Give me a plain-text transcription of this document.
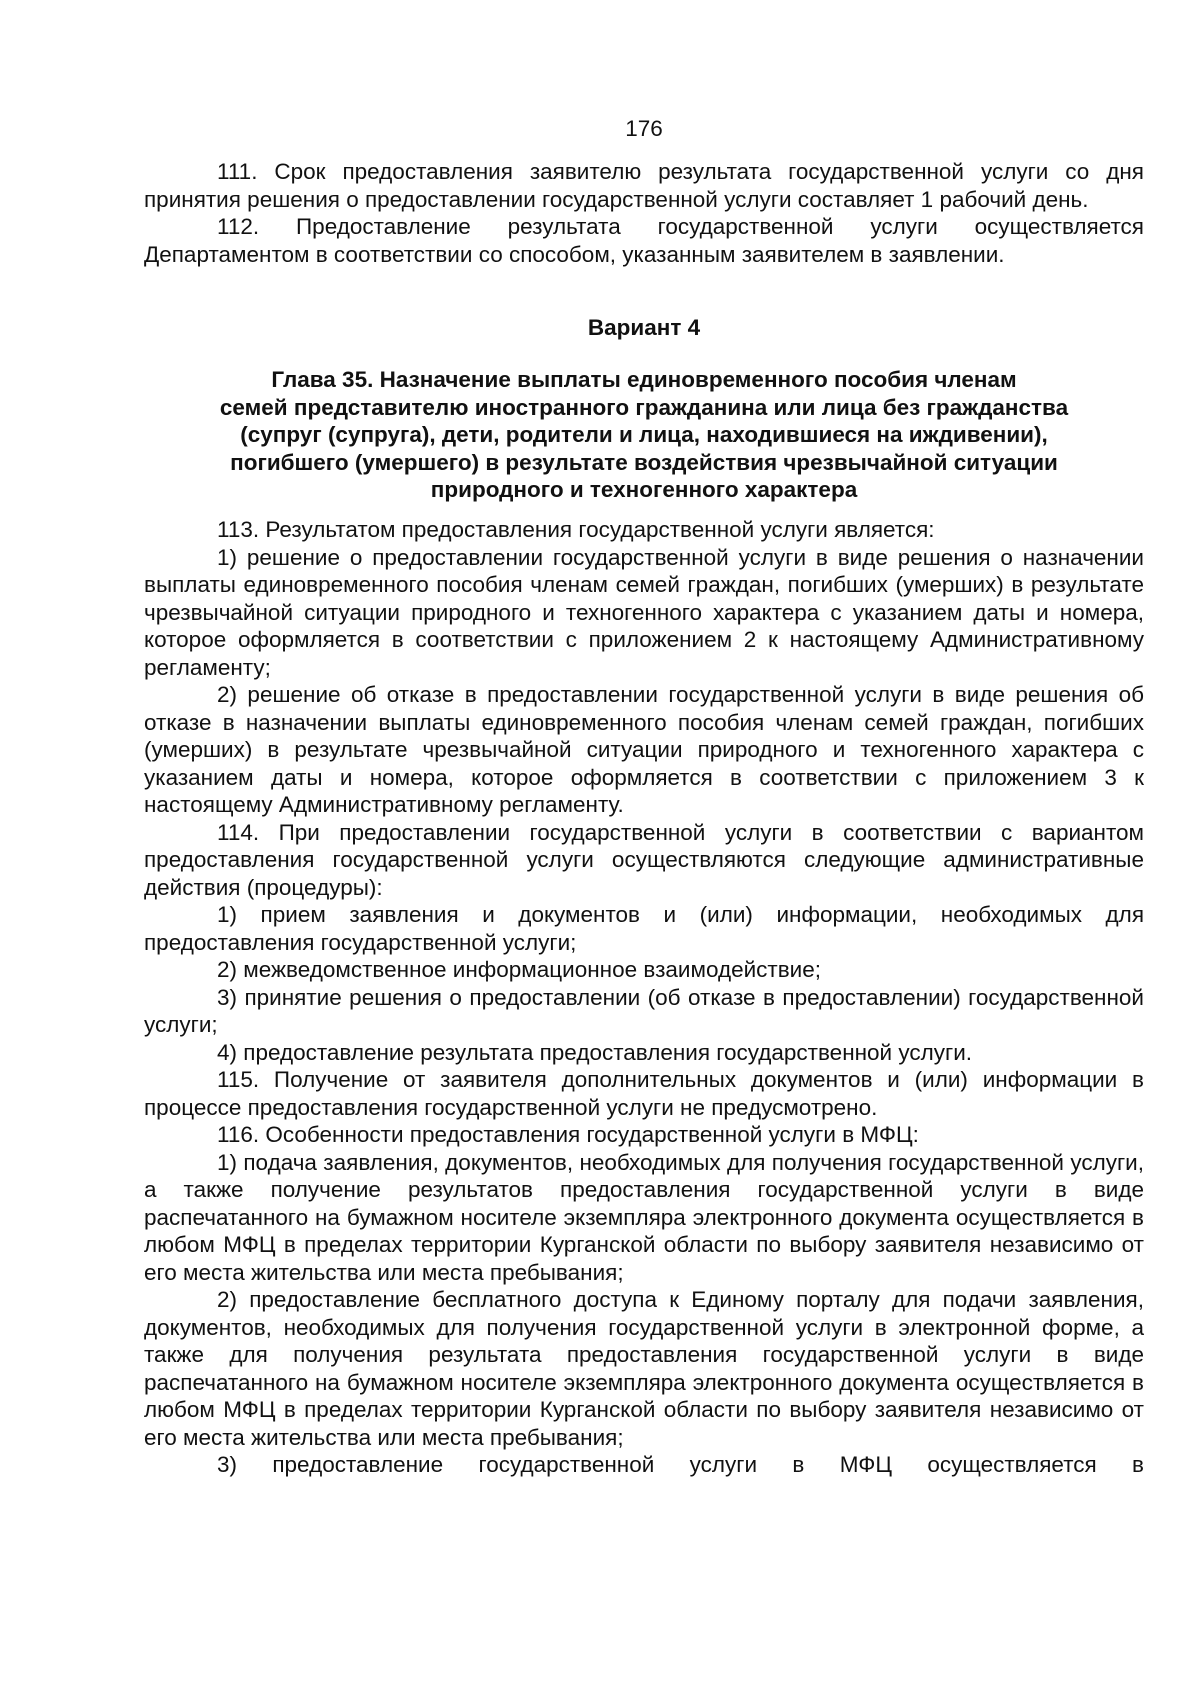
176

111. Срок предоставления заявителю результата государственной услуги со дня принятия решения о предоставлении государственной услуги составляет 1 рабочий день.

112. Предоставление результата государственной услуги осуществляется Департаментом в соответствии со способом, указанным заявителем в заявлении.

Вариант 4

Глава 35. Назначение выплаты единовременного пособия членам

семей представителю иностранного гражданина или лица без гражданства

(супруг (супруга), дети, родители и лица, находившиеся на иждивении),

погибшего (умершего) в результате воздействия чрезвычайной ситуации

природного и техногенного характера

113. Результатом предоставления государственной услуги является:

1) решение о предоставлении государственной услуги в виде решения о назначении выплаты единовременного пособия членам семей граждан, погибших (умерших) в результате чрезвычайной ситуации природного и техногенного характера с указанием даты и номера, которое оформляется в соответствии с приложением 2 к настоящему Административному регламенту;

2) решение об отказе в предоставлении государственной услуги в виде решения об отказе в назначении выплаты единовременного пособия членам семей граждан, погибших (умерших) в результате чрезвычайной ситуации природного и техногенного характера с указанием даты и номера, которое оформляется в соответствии с приложением 3 к настоящему Административному регламенту.

114. При предоставлении государственной услуги в соответствии с вариантом предоставления государственной услуги осуществляются следующие административные действия (процедуры):

1) прием заявления и документов и (или) информации, необходимых для предоставления государственной услуги;

2) межведомственное информационное взаимодействие;

3) принятие решения о предоставлении (об отказе в предоставлении) государственной услуги;

4) предоставление результата предоставления государственной услуги.

115. Получение от заявителя дополнительных документов и (или) информации в процессе предоставления государственной услуги не предусмотрено.

116. Особенности предоставления государственной услуги в МФЦ:

1) подача заявления, документов, необходимых для получения государственной услуги, а также получение результатов предоставления государственной услуги в виде распечатанного на бумажном носителе экземпляра электронного документа осуществляется в любом МФЦ в пределах территории Курганской области по выбору заявителя независимо от его места жительства или места пребывания;

2) предоставление бесплатного доступа к Единому порталу для подачи заявления, документов, необходимых для получения государственной услуги в электронной форме, а также для получения результата предоставления государственной услуги в виде распечатанного на бумажном носителе экземпляра электронного документа осуществляется в любом МФЦ в пределах территории Курганской области по выбору заявителя независимо от его места жительства или места пребывания;

3) предоставление государственной услуги в МФЦ осуществляется в
